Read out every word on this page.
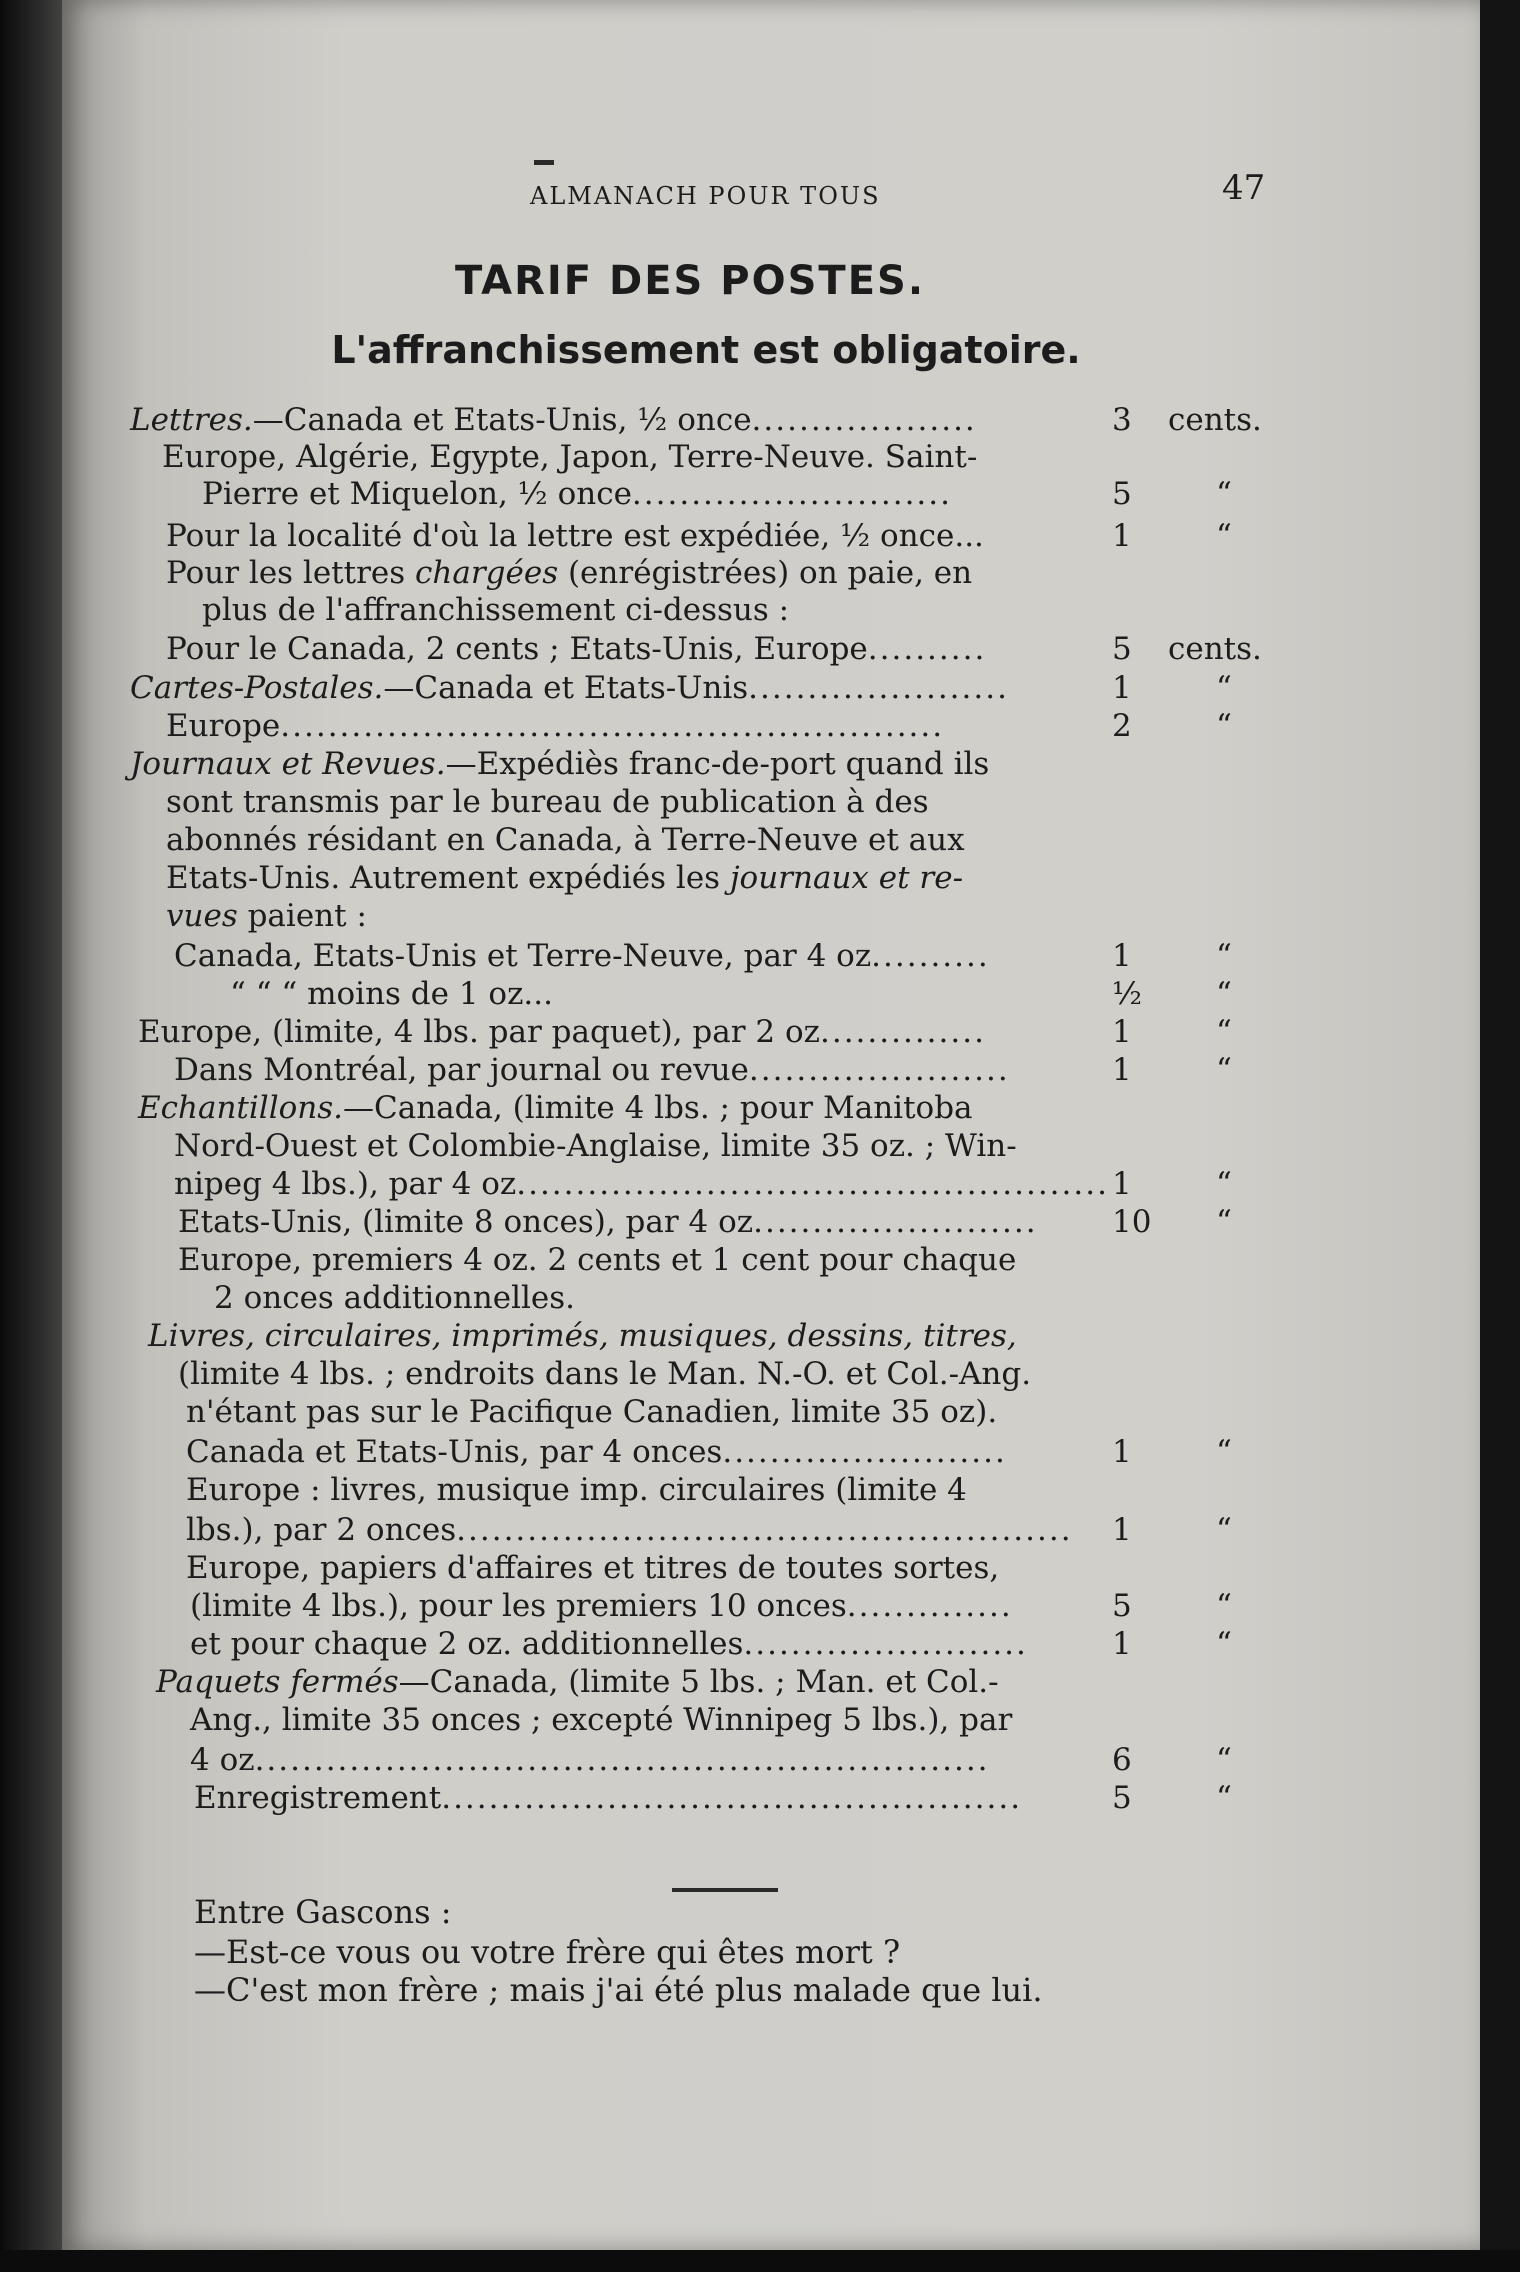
ALMANACH POUR TOUS	47
TARIF DES POSTES.
L'affranchissement est obligatoire.
Lettres.—Canada et Etats-Unis, ½ once...................	3 cents.
Europe, Algérie, Egypte, Japon, Terre-Neuve. Saint-
Pierre et Miquelon, ½ once...........................	5	“
Pour la localité d'où la lettre est expédiée, ½ once...	1	“
Pour les lettres chargées (enrégistrées) on paie, en
plus de l'affranchissement ci-dessus :
Pour le Canada, 2 cents ; Etats-Unis, Europe..........	5 cents.
Cartes-Postales.—Canada et Etats-Unis......................	1	“
Europe........................................................	2	“
Journaux et Revues.—Expédiès franc-de-port quand ils
sont transmis par le bureau de publication à des
abonnés résidant en Canada, à Terre-Neuve et aux
Etats-Unis. Autrement expédiés les journaux et re-
vues paient :
Canada, Etats-Unis et Terre-Neuve, par 4 oz..........	1	“
“ “ “ moins de 1 oz...	½ “
Europe, (limite, 4 lbs. par paquet), par 2 oz..............	1	“
Dans Montréal, par journal ou revue......................	1	“
Echantillons.—Canada, (limite 4 lbs. ; pour Manitoba
Nord-Ouest et Colombie-Anglaise, limite 35 oz. ; Win-
nipeg 4 lbs.), par 4 oz.................................................. 1	“
Etats-Unis, (limite 8 onces), par 4 oz........................ 10 “
Europe, premiers 4 oz. 2 cents et 1 cent pour chaque
2 onces additionnelles.
Livres, circulaires, imprimés, musiques, dessins, titres,
(limite 4 lbs. ; endroits dans le Man. N.-O. et Col.-Ang.
n'étant pas sur le Pacifique Canadien, limite 35 oz).
Canada et Etats-Unis, par 4 onces........................	1	“
Europe : livres, musique imp. circulaires (limite 4
lbs.), par 2 onces.................................................... 1	“
Europe, papiers d'affaires et titres de toutes sortes,
(limite 4 lbs.), pour les premiers 10 onces..............	5	“
et pour chaque 2 oz. additionnelles........................	1	“
Paquets fermés—Canada, (limite 5 lbs. ; Man. et Col.-
Ang., limite 35 onces ; excepté Winnipeg 5 lbs.), par
4 oz..............................................................	6	“
Enregistrement.................................................	5	“
Entre Gascons :
—Est-ce vous ou votre frère qui êtes mort ?
—C'est mon frère ; mais j'ai été plus malade que lui.
